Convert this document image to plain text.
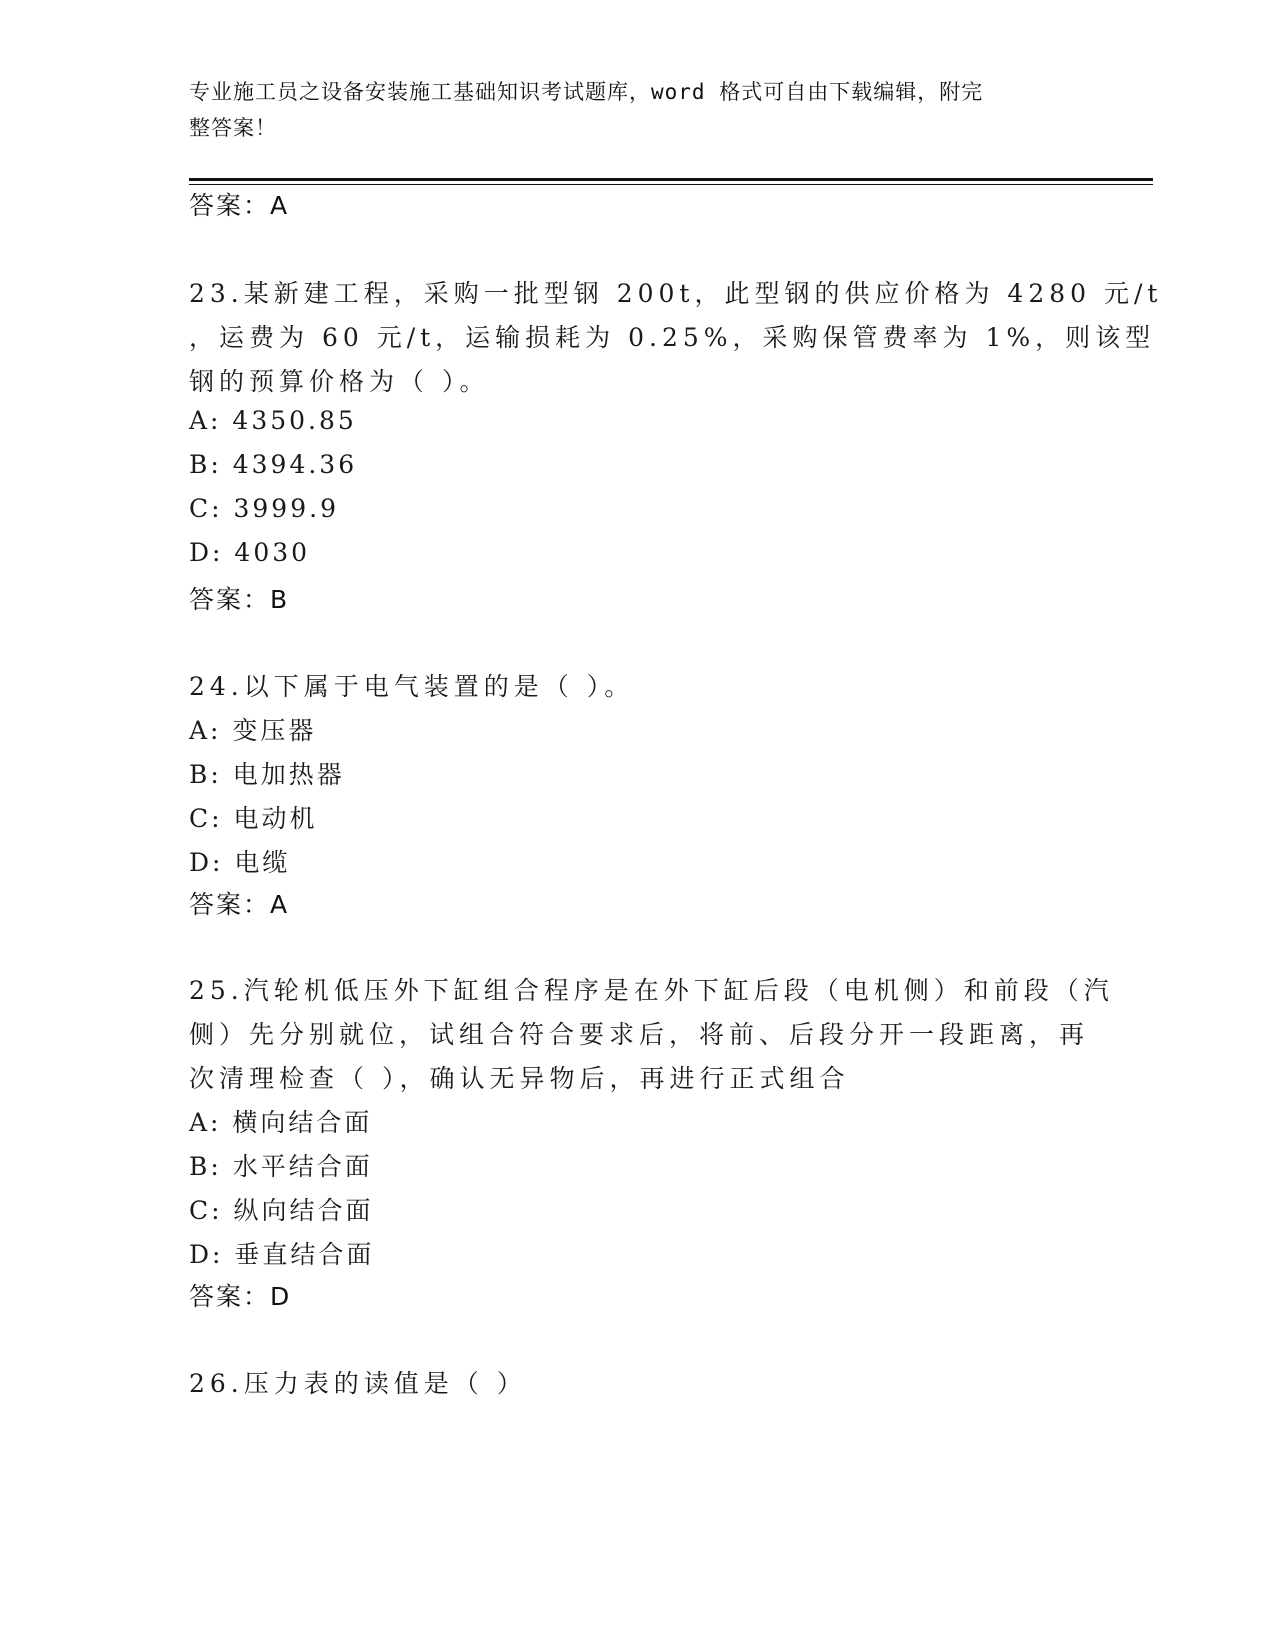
专业施工员之设备安装施工基础知识考试题库，word 格式可自由下载编辑，附完
整答案！
答案：A
23.某新建工程，采购一批型钢 200t，此型钢的供应价格为 4280 元/t
，运费为 60 元/t，运输损耗为 0.25%，采购保管费率为 1%，则该型
钢的预算价格为（ ）。
A: 4350.85
B: 4394.36
C: 3999.9
D: 4030
答案：B
24.以下属于电气装置的是（ ）。
A: 变压器
B: 电加热器
C: 电动机
D: 电缆
答案：A
25.汽轮机低压外下缸组合程序是在外下缸后段（电机侧）和前段（汽
侧）先分别就位，试组合符合要求后，将前、后段分开一段距离，再
次清理检查（ ），确认无异物后，再进行正式组合
A: 横向结合面
B: 水平结合面
C: 纵向结合面
D: 垂直结合面
答案：D
26.压力表的读值是（ ）
